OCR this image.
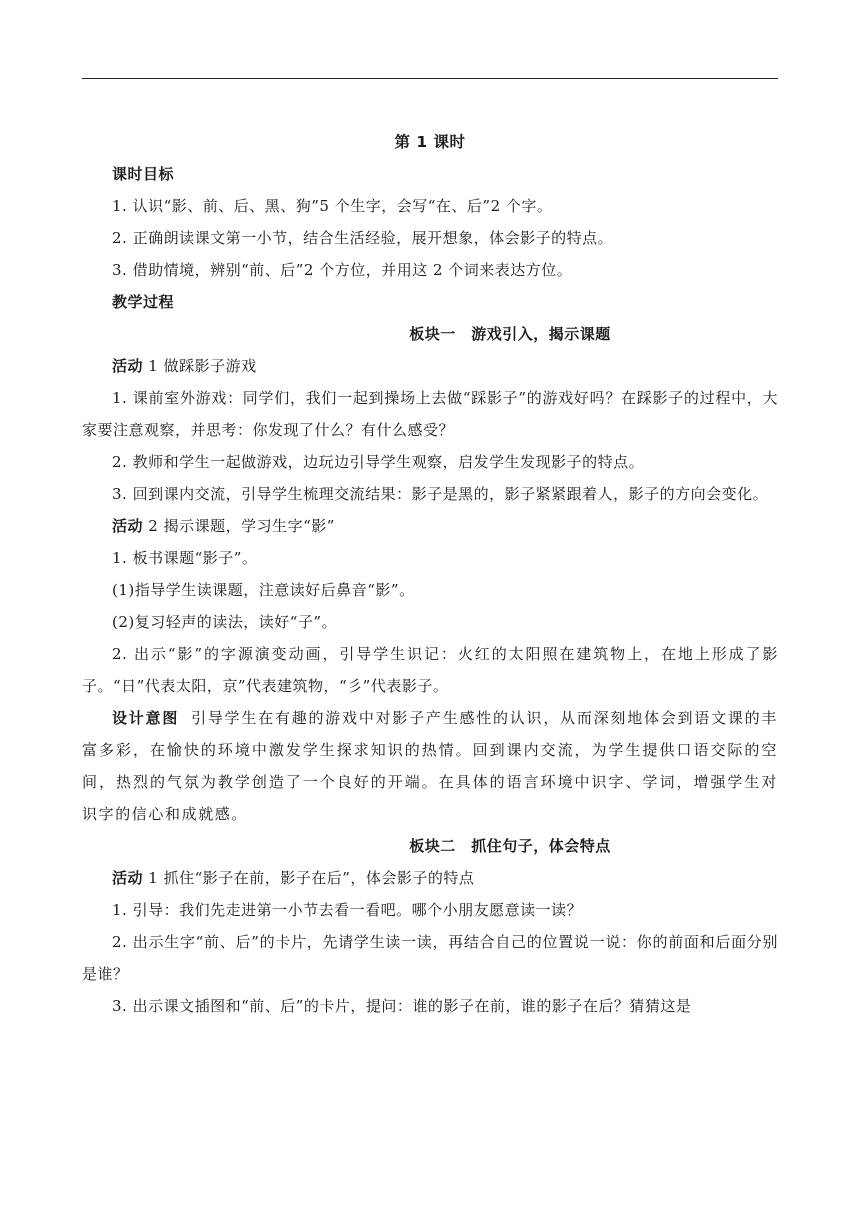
第 1 课时

课时目标

1. 认识“影、前、后、黑、狗”5 个生字，会写“在、后”2 个字。

2. 正确朗读课文第一小节，结合生活经验，展开想象，体会影子的特点。

3. 借助情境，辨别“前、后”2 个方位，并用这 2 个词来表达方位。

教学过程

板块一　游戏引入，揭示课题

活动 1 做踩影子游戏

1. 课前室外游戏：同学们，我们一起到操场上去做“踩影子”的游戏好吗？在踩影子的过程中，大家要注意观察，并思考：你发现了什么？有什么感受？

2. 教师和学生一起做游戏，边玩边引导学生观察，启发学生发现影子的特点。

3. 回到课内交流，引导学生梳理交流结果：影子是黑的，影子紧紧跟着人，影子的方向会变化。

活动 2 揭示课题，学习生字“影”

1. 板书课题“影子”。

(1)指导学生读课题，注意读好后鼻音“影”。

(2)复习轻声的读法，读好“子”。

2. 出示“影”的字源演变动画，引导学生识记：火红的太阳照在建筑物上，在地上形成了影子。“日”代表太阳，京”代表建筑物，“彡”代表影子。

设计意图 引导学生在有趣的游戏中对影子产生感性的认识，从而深刻地体会到语文课的丰富多彩，在愉快的环境中激发学生探求知识的热情。回到课内交流，为学生提供口语交际的空间，热烈的气氛为教学创造了一个良好的开端。在具体的语言环境中识字、学词，增强学生对识字的信心和成就感。

板块二　抓住句子，体会特点

活动 1 抓住“影子在前，影子在后”，体会影子的特点

1. 引导：我们先走进第一小节去看一看吧。哪个小朋友愿意读一读？

2. 出示生字“前、后”的卡片，先请学生读一读，再结合自己的位置说一说：你的前面和后面分别是谁？

3. 出示课文插图和“前、后”的卡片，提问：谁的影子在前，谁的影子在后？猜猜这是
